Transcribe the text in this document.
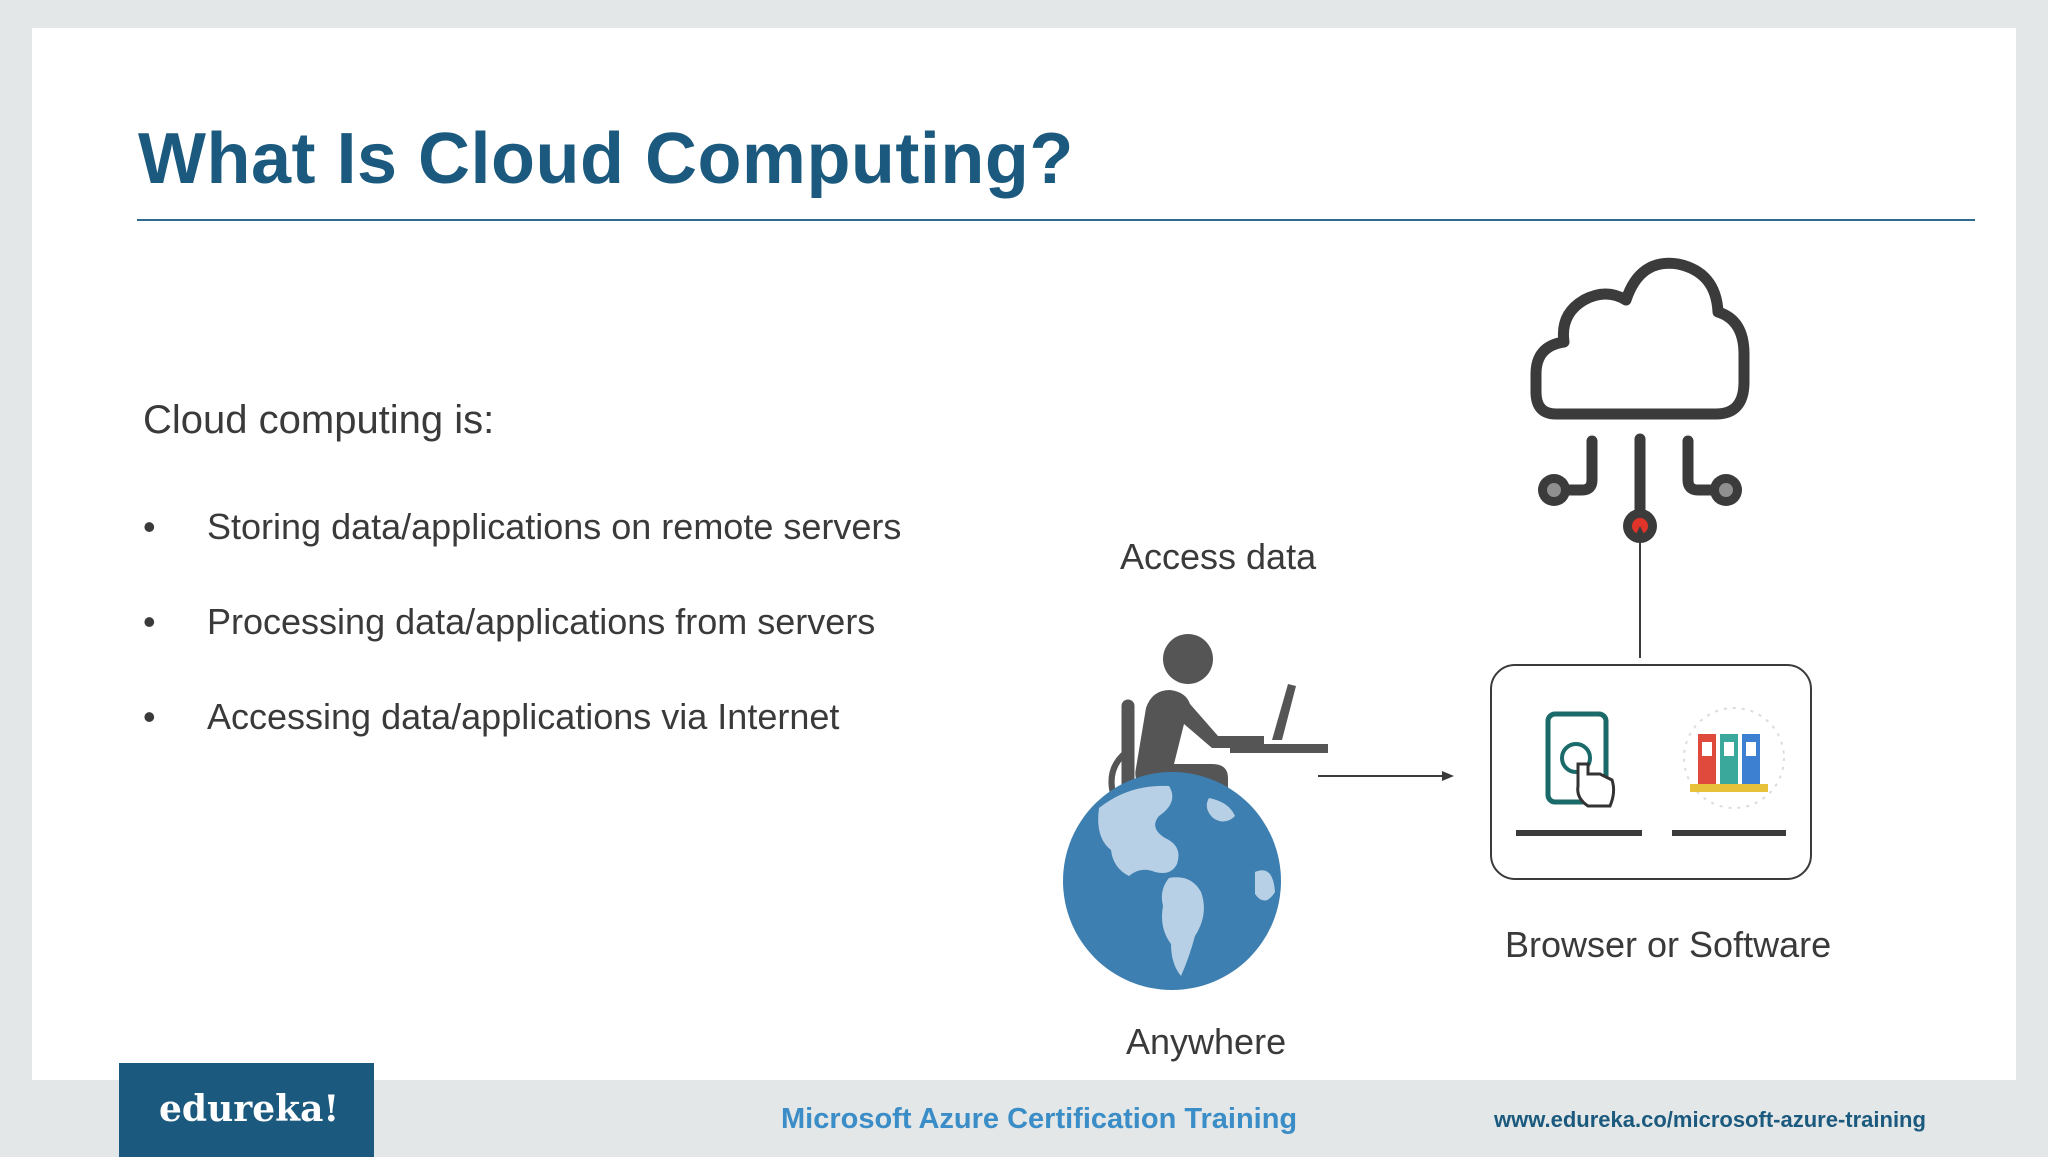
What Is Cloud Computing?
Cloud computing is:
• Storing data/applications on remote servers
• Processing data/applications from servers
• Accessing data/applications via Internet
Access data
Anywhere
Browser or Software
edureka!	Microsoft Azure Certification Training	www.edureka.co/microsoft-azure-training
